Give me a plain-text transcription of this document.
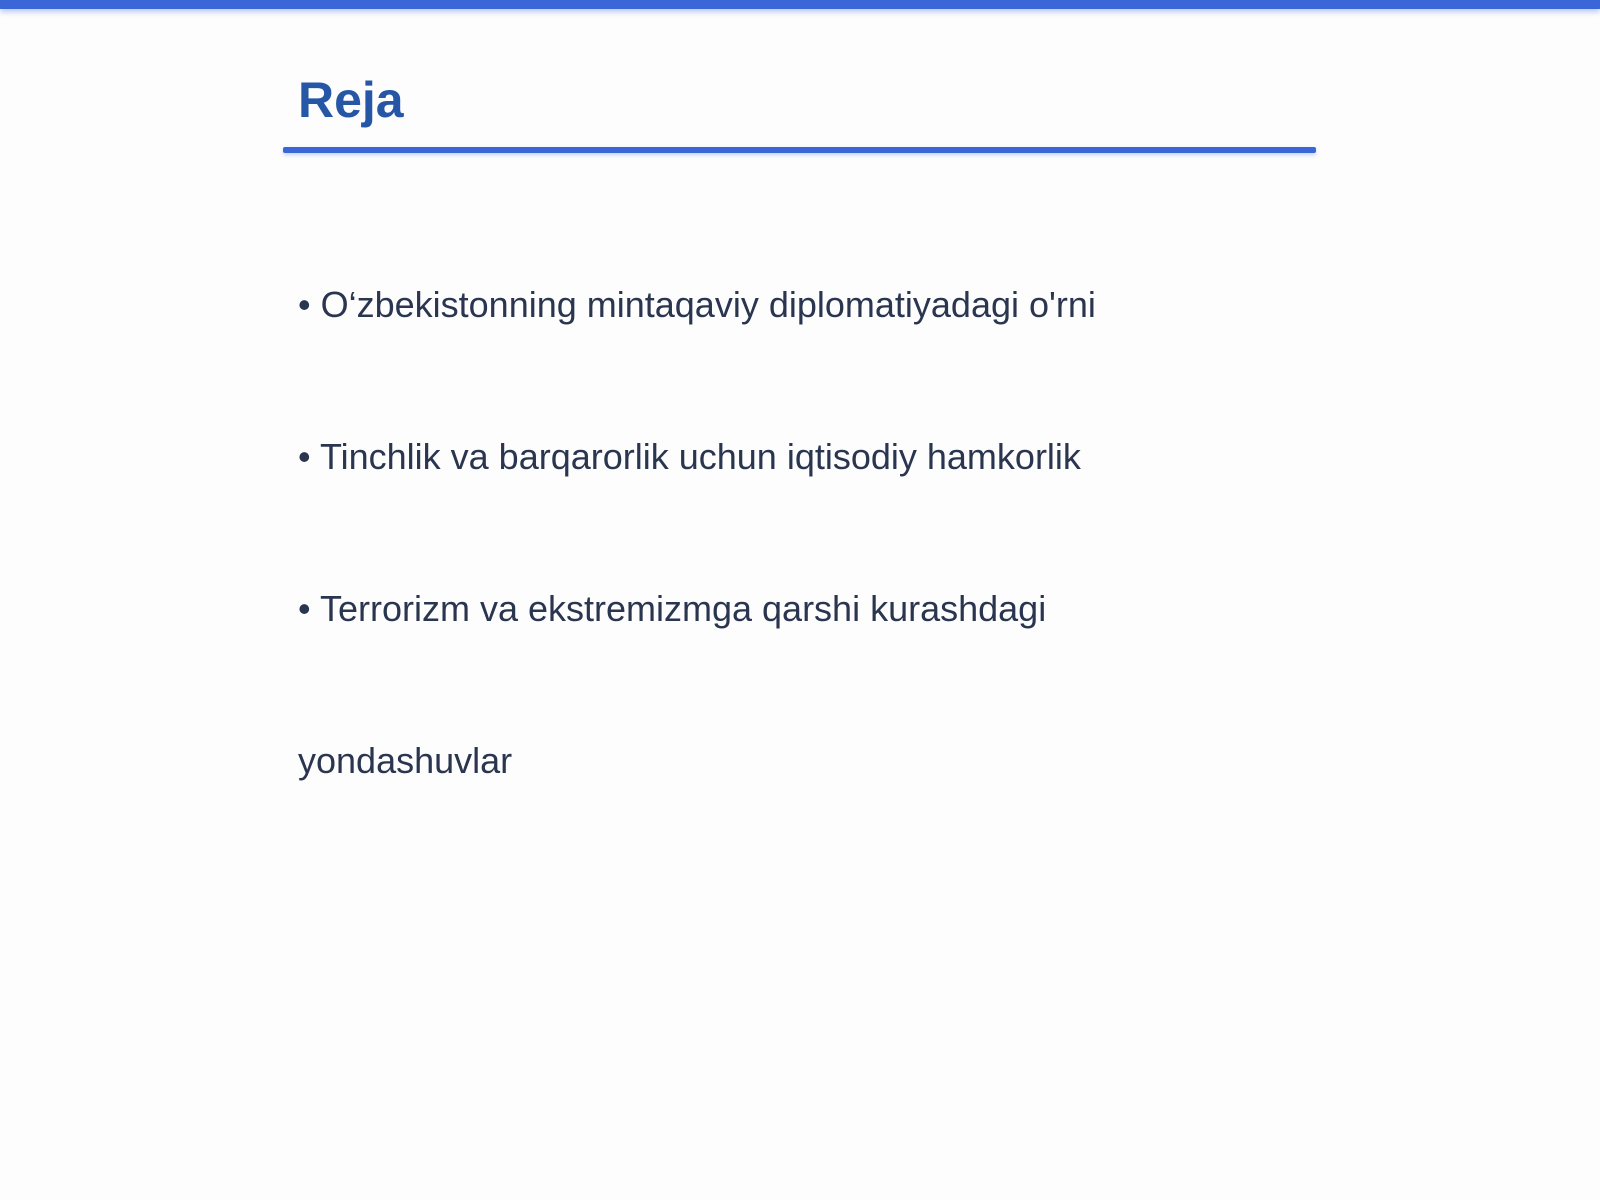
Reja

• O‘zbekistonning mintaqaviy diplomatiyadagi o'rni

• Tinchlik va barqarorlik uchun iqtisodiy hamkorlik

• Terrorizm va ekstremizmga qarshi kurashdagi

yondashuvlar
